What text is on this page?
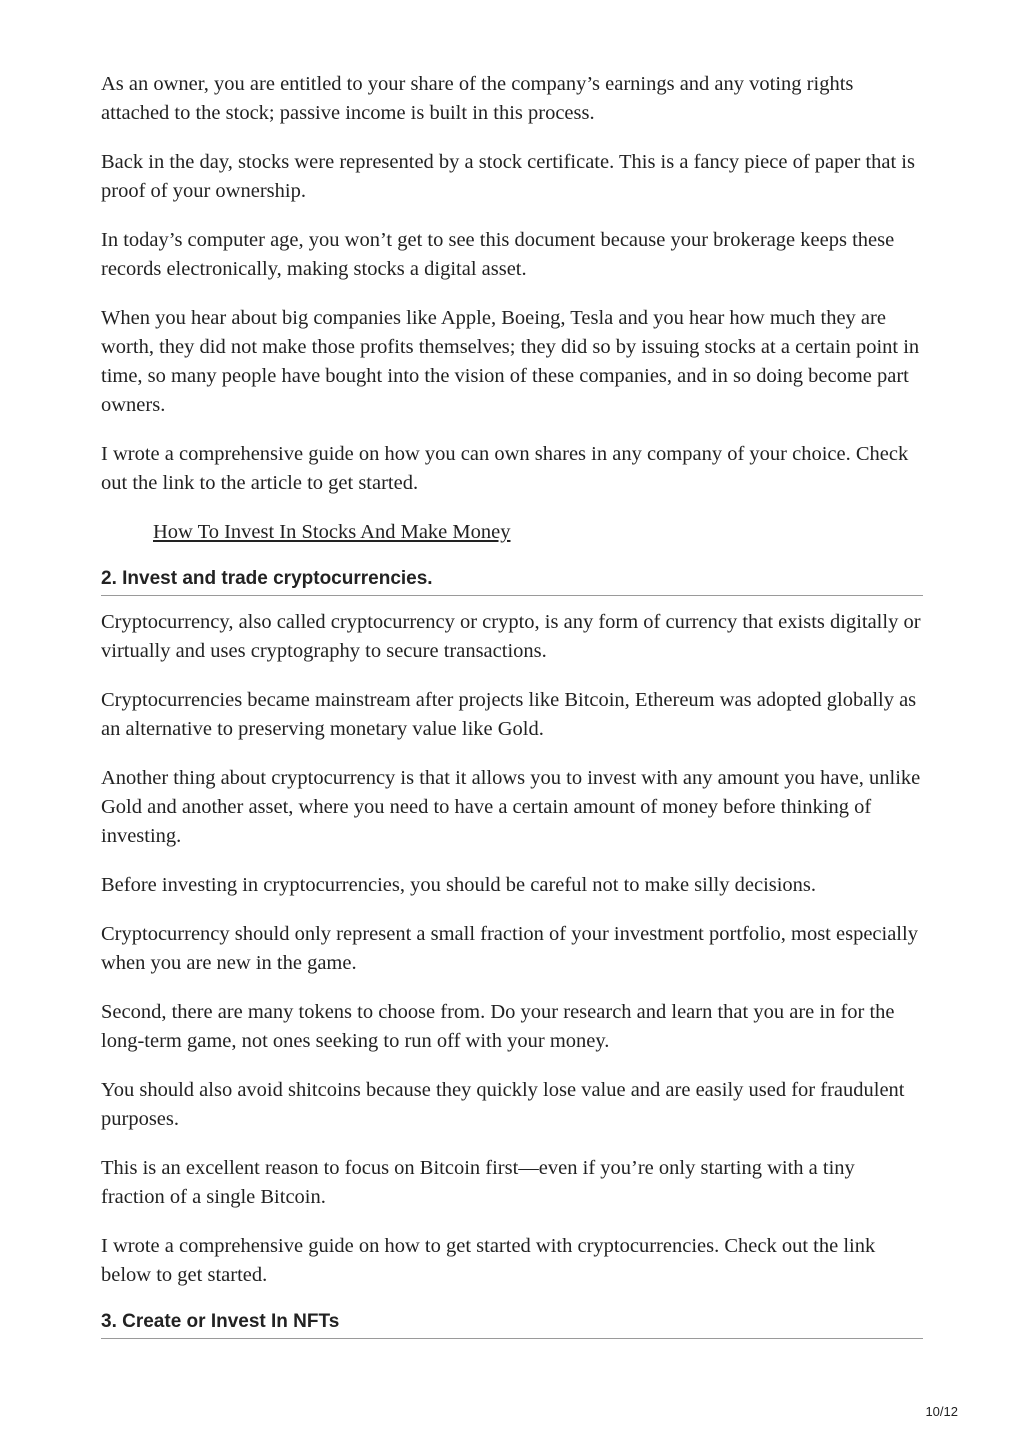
As an owner, you are entitled to your share of the company’s earnings and any voting rights attached to the stock; passive income is built in this process.

Back in the day, stocks were represented by a stock certificate. This is a fancy piece of paper that is proof of your ownership.

In today’s computer age, you won’t get to see this document because your brokerage keeps these records electronically, making stocks a digital asset.

When you hear about big companies like Apple, Boeing, Tesla and you hear how much they are worth, they did not make those profits themselves; they did so by issuing stocks at a certain point in time, so many people have bought into the vision of these companies, and in so doing become part owners.

I wrote a comprehensive guide on how you can own shares in any company of your choice. Check out the link to the article to get started.

How To Invest In Stocks And Make Money
2. Invest and trade cryptocurrencies.

Cryptocurrency, also called cryptocurrency or crypto, is any form of currency that exists digitally or virtually and uses cryptography to secure transactions.

Cryptocurrencies became mainstream after projects like Bitcoin, Ethereum was adopted globally as an alternative to preserving monetary value like Gold.

Another thing about cryptocurrency is that it allows you to invest with any amount you have, unlike Gold and another asset, where you need to have a certain amount of money before thinking of investing.

Before investing in cryptocurrencies, you should be careful not to make silly decisions.

Cryptocurrency should only represent a small fraction of your investment portfolio, most especially when you are new in the game.

Second, there are many tokens to choose from. Do your research and learn that you are in for the long-term game, not ones seeking to run off with your money.

You should also avoid shitcoins because they quickly lose value and are easily used for fraudulent purposes.

This is an excellent reason to focus on Bitcoin first—even if you’re only starting with a tiny fraction of a single Bitcoin.

I wrote a comprehensive guide on how to get started with cryptocurrencies. Check out the link below to get started.

3. Create or Invest In NFTs
10/12
